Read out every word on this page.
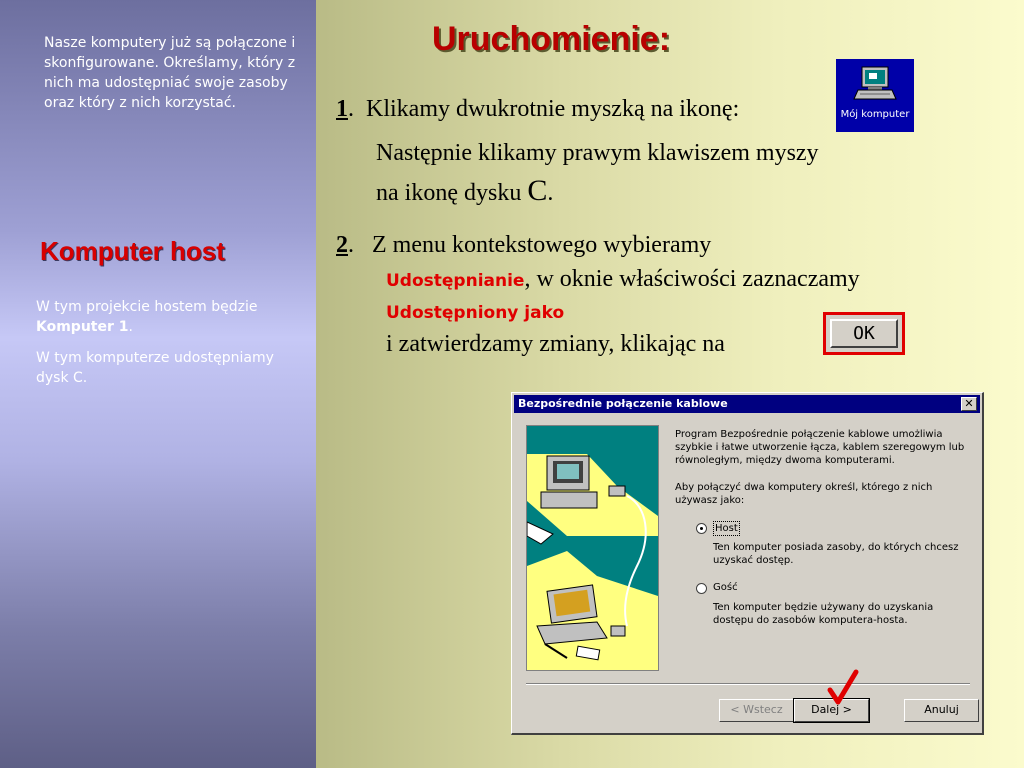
Nasze komputery już są połączone i skonfigurowane. Określamy, który z nich ma udostępniać swoje zasoby oraz który z nich korzystać.
Komputer host
W tym projekcie hostem będzie Komputer 1.
W tym komputerze udostępniamy dysk C.
Uruchomienie:
1. Klikamy dwukrotnie myszką na ikonę:
Następnie klikamy prawym klawiszem myszy
na ikonę dysku C.
Mój komputer
2. Z menu kontekstowego wybieramy
Udostępnianie, w oknie właściwości zaznaczamy
Udostępniony jako
i zatwierdzamy zmiany, klikając na	OK
Bezpośrednie połączenie kablowe	✕
Program Bezpośrednie połączenie kablowe umożliwia szybkie i łatwe utworzenie łącza, kablem szeregowym lub równoległym, między dwoma komputerami.
Aby połączyć dwa komputery określ, którego z nich używasz jako:
Host
Ten komputer posiada zasoby, do których chcesz uzyskać dostęp.
Gość
Ten komputer będzie używany do uzyskania dostępu do zasobów komputera-hosta.
< Wstecz	Dalej >	Anuluj
